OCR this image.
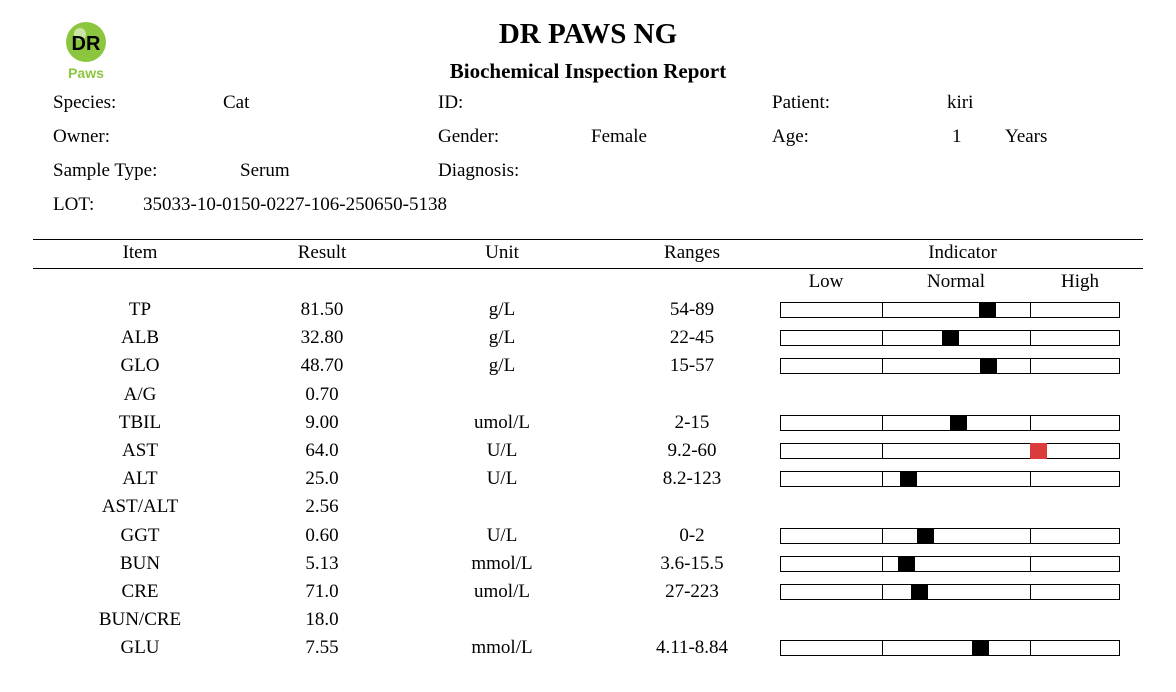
DR
Paws
DR PAWS NG
Biochemical Inspection Report
Species:	Cat	ID:	Patient:	kiri
Owner:	Gender:	Female	Age:	1 Years
Sample Type:	Serum	Diagnosis:
LOT:	35033-10-0150-0227-106-250650-5138
Item	Result	Unit	Ranges	Indicator
Low	Normal	High
TP	81.50	g/L	54-89
ALB	32.80	g/L	22-45
GLO	48.70	g/L	15-57
A/G	0.70
TBIL	9.00	umol/L	2-15
AST	64.0	U/L	9.2-60
ALT	25.0	U/L	8.2-123
AST/ALT	2.56
GGT	0.60	U/L	0-2
BUN	5.13	mmol/L	3.6-15.5
CRE	71.0	umol/L	27-223
BUN/CRE	18.0
GLU	7.55	mmol/L	4.11-8.84
